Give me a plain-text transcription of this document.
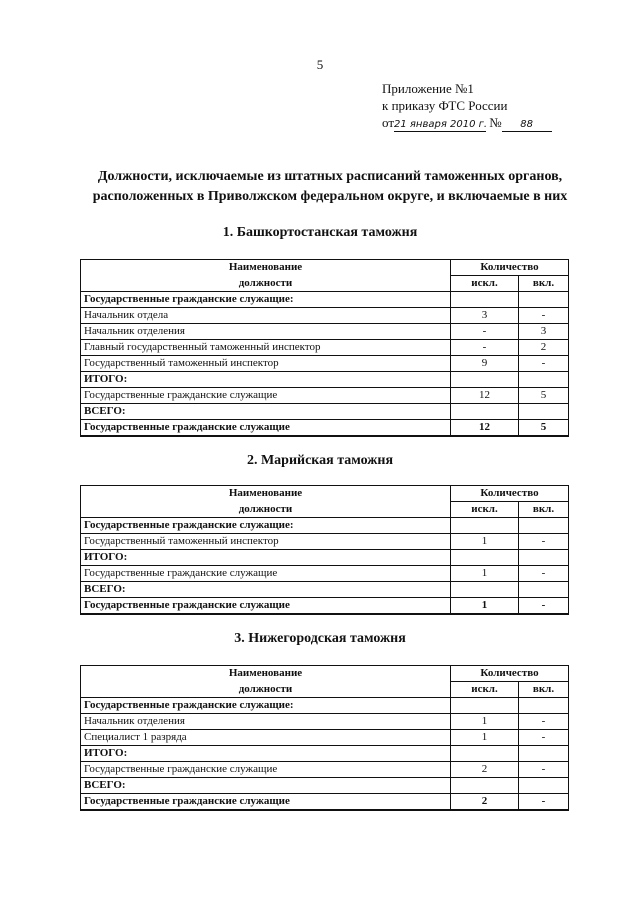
5
Приложение №1
к приказу ФТС России
от21 января 2010 г. № 88
Должности, исключаемые из штатных расписаний таможенных органов,
расположенных в Приволжском федеральном округе, и включаемые в них
1. Башкортостанская таможня
Наименование	Количество	
должности	искл.	вкл.
Государственные гражданские служащие:		
Начальник отдела	3	-
Начальник отделения	-	3
Главный государственный таможенный инспектор	-	2
Государственный таможенный инспектор	9	-
ИТОГО:		
Государственные гражданские служащие	12	5
ВСЕГО:		
Государственные гражданские служащие	12	5
2. Марийская таможня
Наименование	Количество	
должности	искл.	вкл.
Государственные гражданские служащие:		
Государственный таможенный инспектор	1	-
ИТОГО:		
Государственные гражданские служащие	1	-
ВСЕГО:		
Государственные гражданские служащие	1	-
3. Нижегородская таможня
Наименование	Количество	
должности	искл.	вкл.
Государственные гражданские служащие:		
Начальник отделения	1	-
Специалист 1 разряда	1	-
ИТОГО:		
Государственные гражданские служащие	2	-
ВСЕГО:		
Государственные гражданские служащие	2	-
